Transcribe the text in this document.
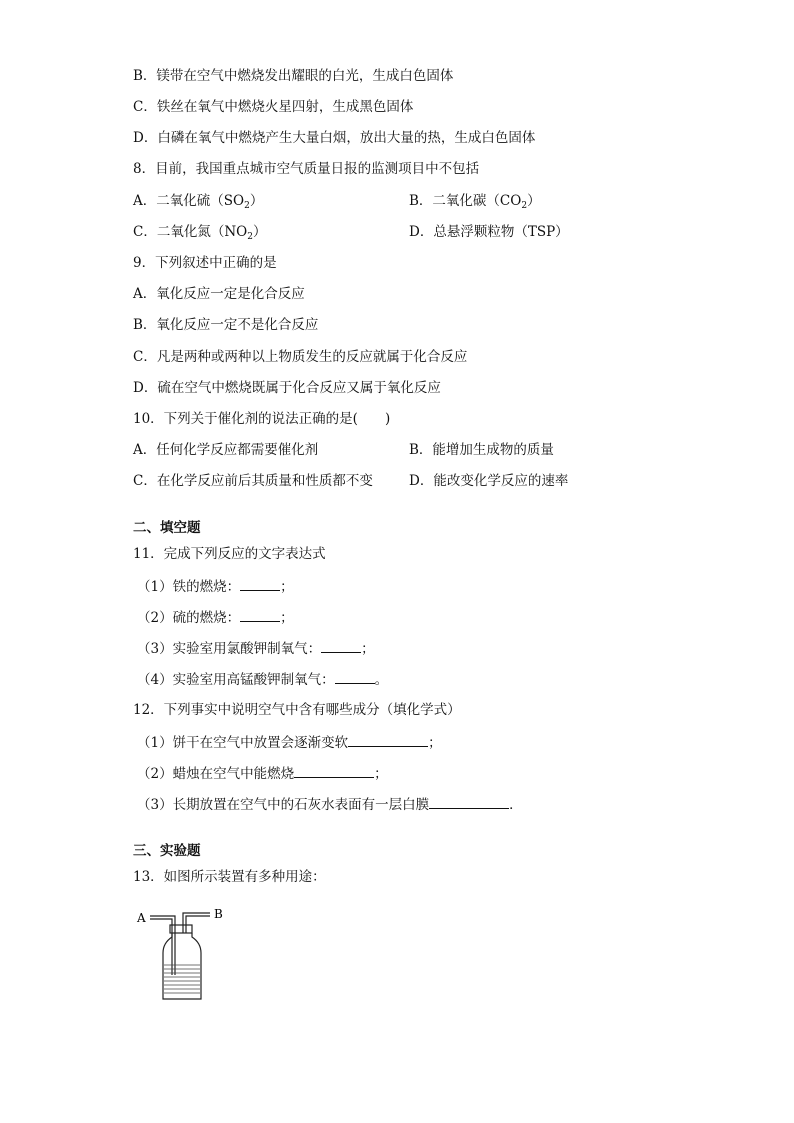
B．镁带在空气中燃烧发出耀眼的白光，生成白色固体
C．铁丝在氧气中燃烧火星四射，生成黑色固体
D．白磷在氧气中燃烧产生大量白烟，放出大量的热，生成白色固体
8．目前，我国重点城市空气质量日报的监测项目中不包括
A．二氧化硫$(SO_2)$	B．二氧化碳$(CO_2)$
C．二氧化氮$(NO_2)$	D．总悬浮颗粒物（TSP）
9．下列叙述中正确的是
A．氧化反应一定是化合反应
B．氧化反应一定不是化合反应
C．凡是两种或两种以上物质发生的反应就属于化合反应
D．硫在空气中燃烧既属于化合反应又属于氧化反应
10．下列关于催化剂的说法正确的是(　　)
A．任何化学反应都需要催化剂	B．能增加生成物的质量
C．在化学反应前后其质量和性质都不变	D．能改变化学反应的速率
二、填空题
11．完成下列反应的文字表达式
（1）铁的燃烧：	；
（2）硫的燃烧：	；
（3）实验室用氯酸钾制氧气：	；
（4）实验室用高锰酸钾制氧气：	。
12．下列事实中说明空气中含有哪些成分（填化学式）
（1）饼干在空气中放置会逐渐变软	；
（2）蜡烛在空气中能燃烧	；
（3）长期放置在空气中的石灰水表面有一层白膜	．
三、实验题
13．如图所示装置有多种用途：
A	B
